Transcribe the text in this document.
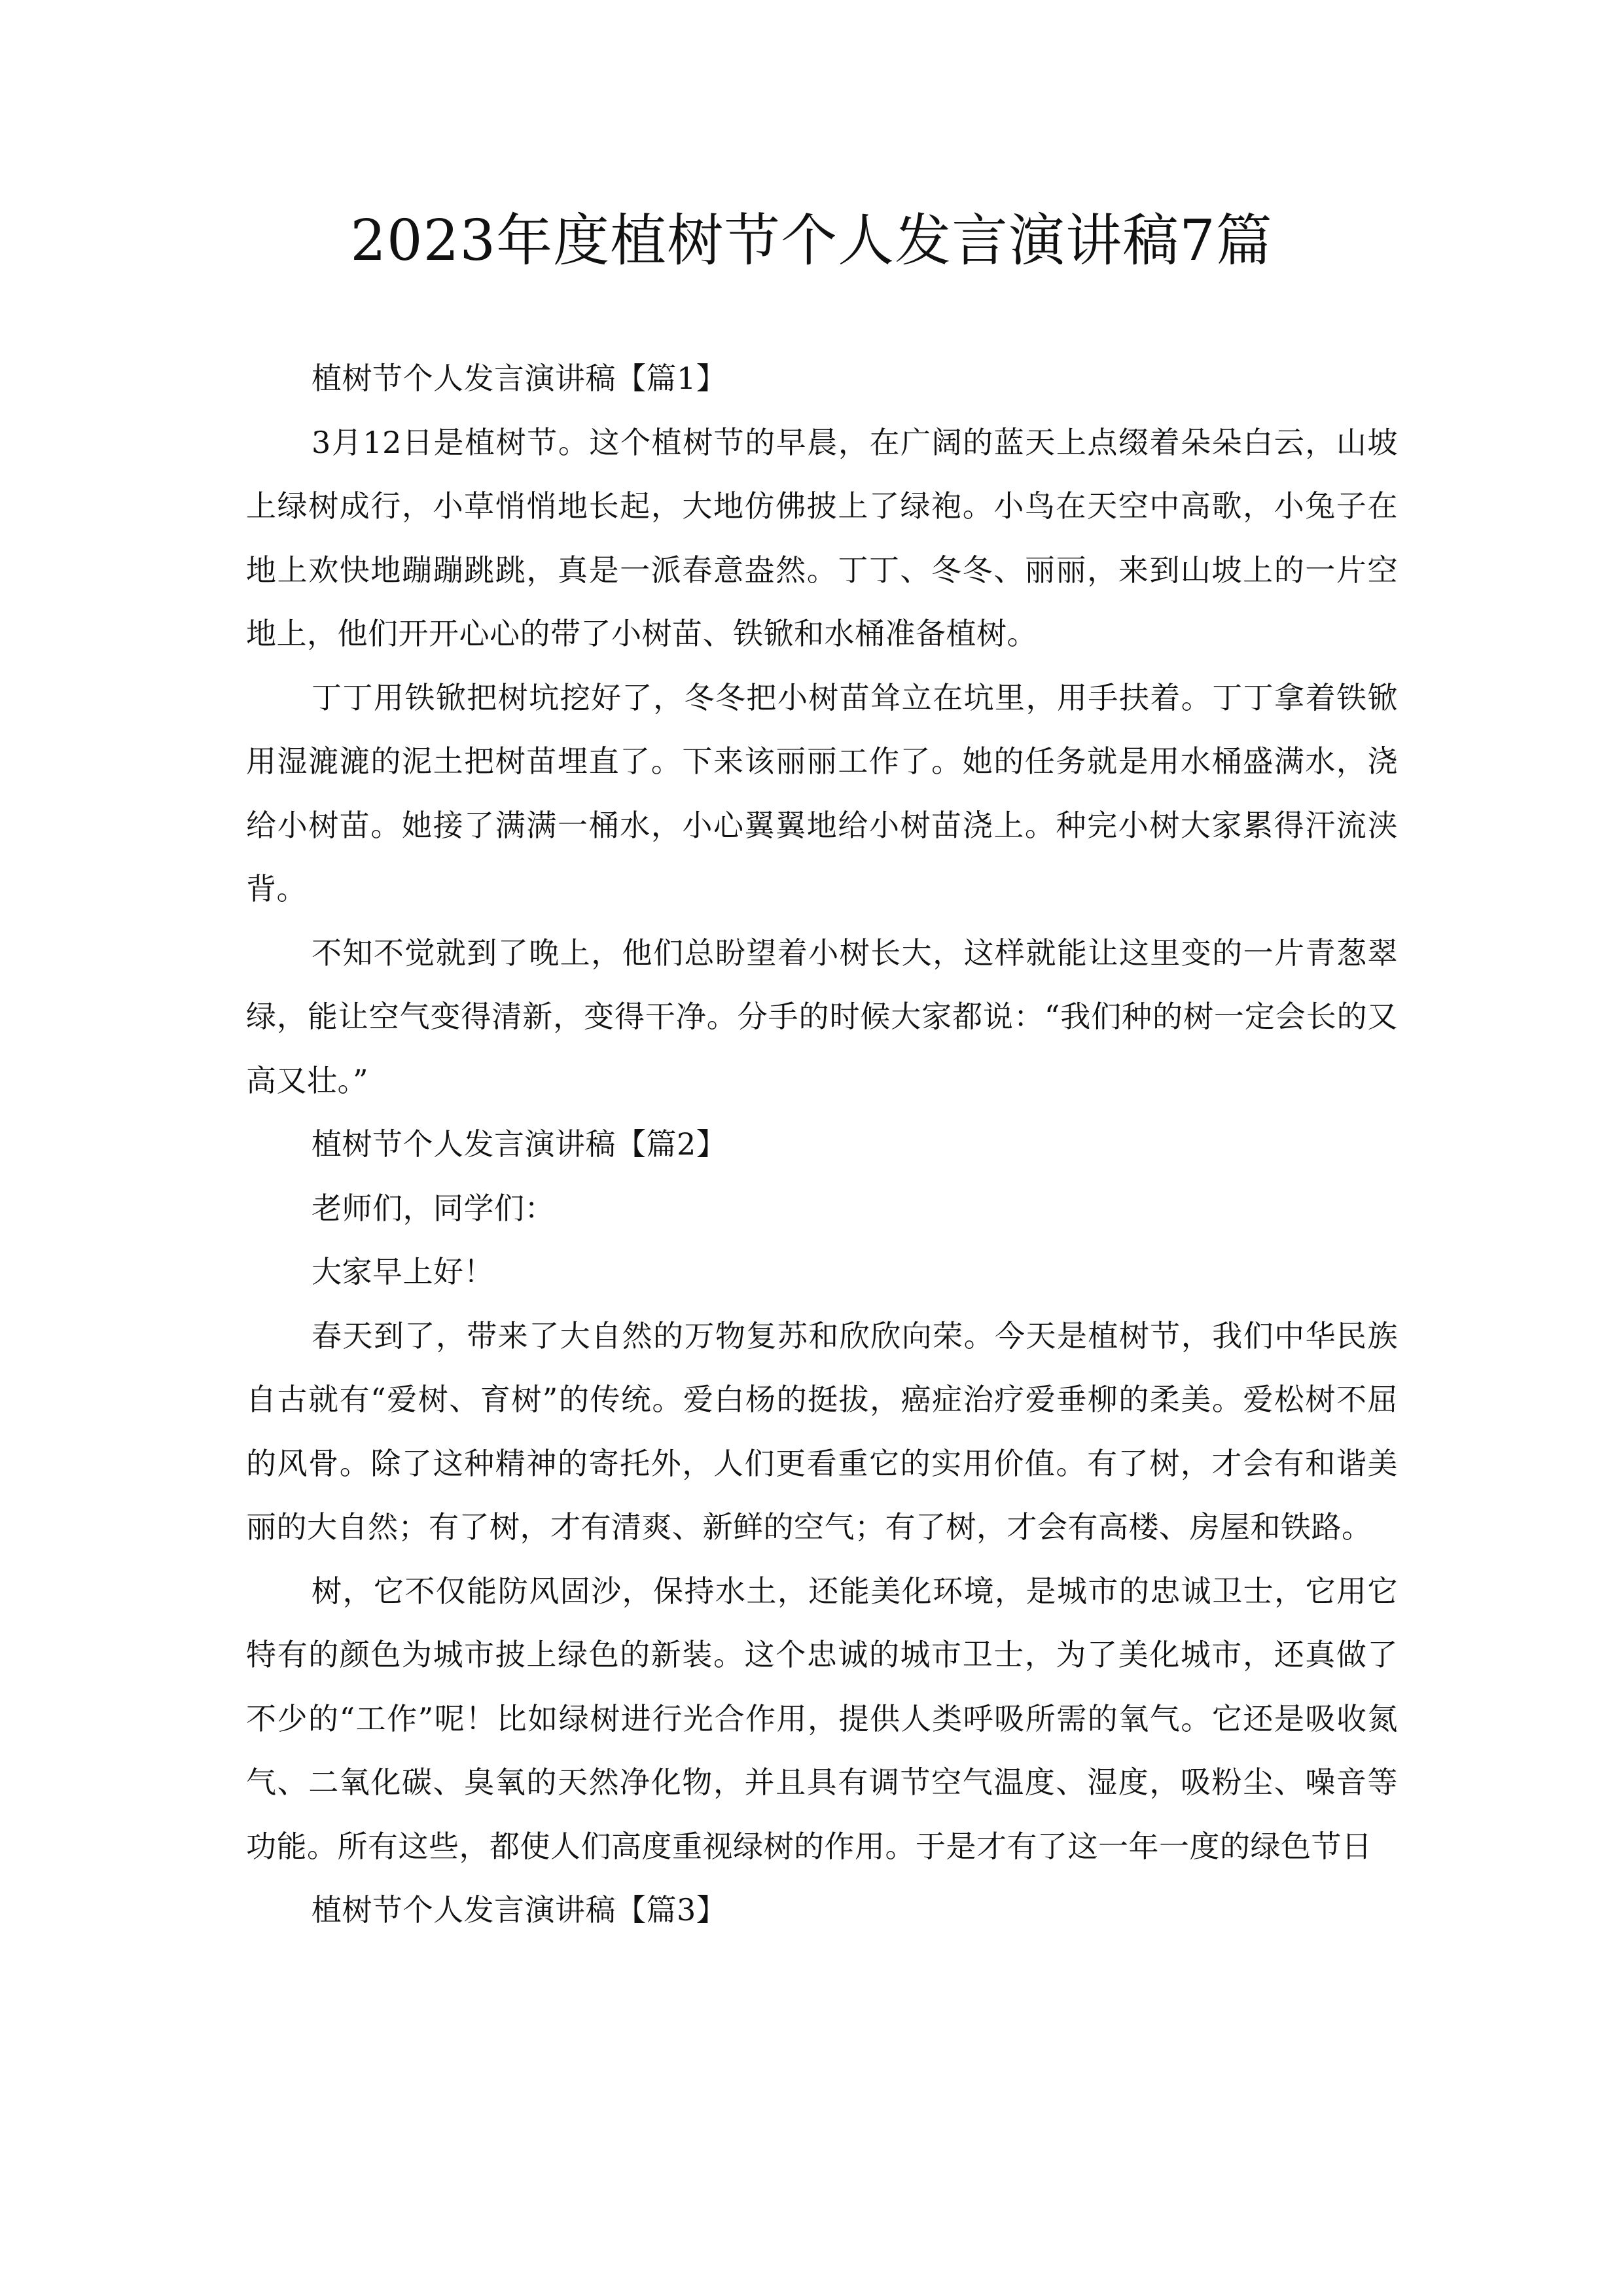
2023年度植树节个人发言演讲稿7篇

植树节个人发言演讲稿【篇1】

3月12日是植树节。这个植树节的早晨，在广阔的蓝天上点缀着朵朵白云，山坡上绿树成行，小草悄悄地长起，大地仿佛披上了绿袍。小鸟在天空中高歌，小兔子在地上欢快地蹦蹦跳跳，真是一派春意盎然。丁丁、冬冬、丽丽，来到山坡上的一片空地上，他们开开心心的带了小树苗、铁锨和水桶准备植树。

丁丁用铁锨把树坑挖好了，冬冬把小树苗耸立在坑里，用手扶着。丁丁拿着铁锨用湿漉漉的泥土把树苗埋直了。下来该丽丽工作了。她的任务就是用水桶盛满水，浇给小树苗。她接了满满一桶水，小心翼翼地给小树苗浇上。种完小树大家累得汗流浃背。

不知不觉就到了晚上，他们总盼望着小树长大，这样就能让这里变的一片青葱翠绿，能让空气变得清新，变得干净。分手的时候大家都说：“我们种的树一定会长的又高又壮。”

植树节个人发言演讲稿【篇2】

老师们，同学们：

大家早上好！

春天到了，带来了大自然的万物复苏和欣欣向荣。今天是植树节，我们中华民族自古就有“爱树、育树”的传统。爱白杨的挺拔，癌症治疗爱垂柳的柔美。爱松树不屈的风骨。除了这种精神的寄托外，人们更看重它的实用价值。有了树，才会有和谐美丽的大自然；有了树，才有清爽、新鲜的空气；有了树，才会有高楼、房屋和铁路。

树，它不仅能防风固沙，保持水土，还能美化环境，是城市的忠诚卫士，它用它特有的颜色为城市披上绿色的新装。这个忠诚的城市卫士，为了美化城市，还真做了不少的“工作”呢！比如绿树进行光合作用，提供人类呼吸所需的氧气。它还是吸收氮气、二氧化碳、臭氧的天然净化物，并且具有调节空气温度、湿度，吸粉尘、噪音等功能。所有这些，都使人们高度重视绿树的作用。于是才有了这一年一度的绿色节日

植树节个人发言演讲稿【篇3】
